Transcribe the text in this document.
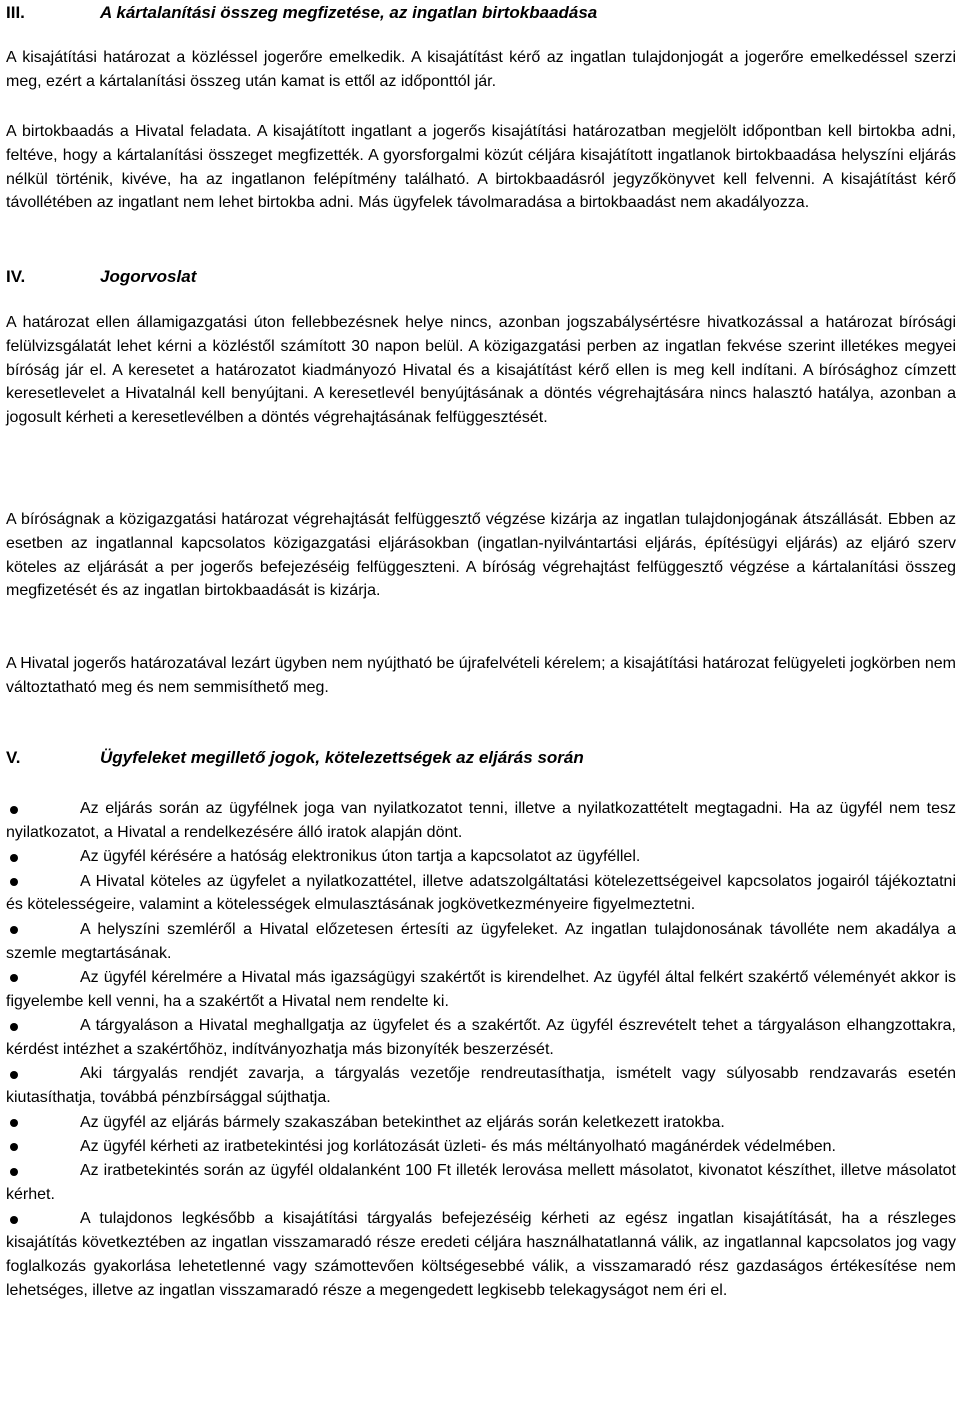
III.	A kártalanítási összeg megfizetése, az ingatlan birtokbaadása

A kisajátítási határozat a közléssel jogerőre emelkedik. A kisajátítást kérő az ingatlan tulajdonjogát a jogerőre emelkedéssel szerzi meg, ezért a kártalanítási összeg után kamat is ettől az időponttól jár.

A birtokbaadás a Hivatal feladata. A kisajátított ingatlant a jogerős kisajátítási határozatban megjelölt időpontban kell birtokba adni, feltéve, hogy a kártalanítási összeget megfizették. A gyorsforgalmi közút céljára kisajátított ingatlanok birtokbaadása helyszíni eljárás nélkül történik, kivéve, ha az ingatlanon felépítmény található. A birtokbaadásról jegyzőkönyvet kell felvenni. A kisajátítást kérő távollétében az ingatlant nem lehet birtokba adni. Más ügyfelek távolmaradása a birtokbaadást nem akadályozza.

IV.	Jogorvoslat

A határozat ellen államigazgatási úton fellebbezésnek helye nincs, azonban jogszabálysértésre hivatkozással a határozat bírósági felülvizsgálatát lehet kérni a közléstől számított 30 napon belül. A közigazgatási perben az ingatlan fekvése szerint illetékes megyei bíróság jár el. A keresetet a határozatot kiadmányozó Hivatal és a kisajátítást kérő ellen is meg kell indítani. A bírósághoz címzett keresetlevelet a Hivatalnál kell benyújtani. A keresetlevél benyújtásának a döntés végrehajtására nincs halasztó hatálya, azonban a jogosult kérheti a keresetlevélben a döntés végrehajtásának felfüggesztését.

A bíróságnak a közigazgatási határozat végrehajtását felfüggesztő végzése kizárja az ingatlan tulajdonjogának átszállását. Ebben az esetben az ingatlannal kapcsolatos közigazgatási eljárásokban (ingatlan-nyilvántartási eljárás, építésügyi eljárás) az eljáró szerv köteles az eljárását a per jogerős befejezéséig felfüggeszteni. A bíróság végrehajtást felfüggesztő végzése a kártalanítási összeg megfizetését és az ingatlan birtokbaadását is kizárja.

A Hivatal jogerős határozatával lezárt ügyben nem nyújtható be újrafelvételi kérelem; a kisajátítási határozat felügyeleti jogkörben nem változtatható meg és nem semmisíthető meg.

V.	Ügyfeleket megillető jogok, kötelezettségek az eljárás során
Az eljárás során az ügyfélnek joga van nyilatkozatot tenni, illetve a nyilatkozattételt megtagadni. Ha az ügyfél nem tesz nyilatkozatot, a Hivatal a rendelkezésére álló iratok alapján dönt.
Az ügyfél kérésére a hatóság elektronikus úton tartja a kapcsolatot az ügyféllel.
A Hivatal köteles az ügyfelet a nyilatkozattétel, illetve adatszolgáltatási kötelezettségeivel kapcsolatos jogairól tájékoztatni és kötelességeire, valamint a kötelességek elmulasztásának jogkövetkezményeire figyelmeztetni.
A helyszíni szemléről a Hivatal előzetesen értesíti az ügyfeleket. Az ingatlan tulajdonosának távolléte nem akadálya a szemle megtartásának.
Az ügyfél kérelmére a Hivatal más igazságügyi szakértőt is kirendelhet. Az ügyfél által felkért szakértő véleményét akkor is figyelembe kell venni, ha a szakértőt a Hivatal nem rendelte ki.
A tárgyaláson a Hivatal meghallgatja az ügyfelet és a szakértőt. Az ügyfél észrevételt tehet a tárgyaláson elhangzottakra, kérdést intézhet a szakértőhöz, indítványozhatja más bizonyíték beszerzését.
Aki tárgyalás rendjét zavarja, a tárgyalás vezetője rendreutasíthatja, ismételt vagy súlyosabb rendzavarás esetén kiutasíthatja, továbbá pénzbírsággal sújthatja.
Az ügyfél az eljárás bármely szakaszában betekinthet az eljárás során keletkezett iratokba.
Az ügyfél kérheti az iratbetekintési jog korlátozását üzleti- és más méltányolható magánérdek védelmében.
Az iratbetekintés során az ügyfél oldalanként 100 Ft illeték lerovása mellett másolatot, kivonatot készíthet, illetve másolatot kérhet.
A tulajdonos legkésőbb a kisajátítási tárgyalás befejezéséig kérheti az egész ingatlan kisajátítását, ha a részleges kisajátítás következtében az ingatlan visszamaradó része eredeti céljára használhatatlanná válik, az ingatlannal kapcsolatos jog vagy foglalkozás gyakorlása lehetetlenné vagy számottevően költségesebbé válik, a visszamaradó rész gazdaságos értékesítése nem lehetséges, illetve az ingatlan visszamaradó része a megengedett legkisebb telekagyságot nem éri el.
